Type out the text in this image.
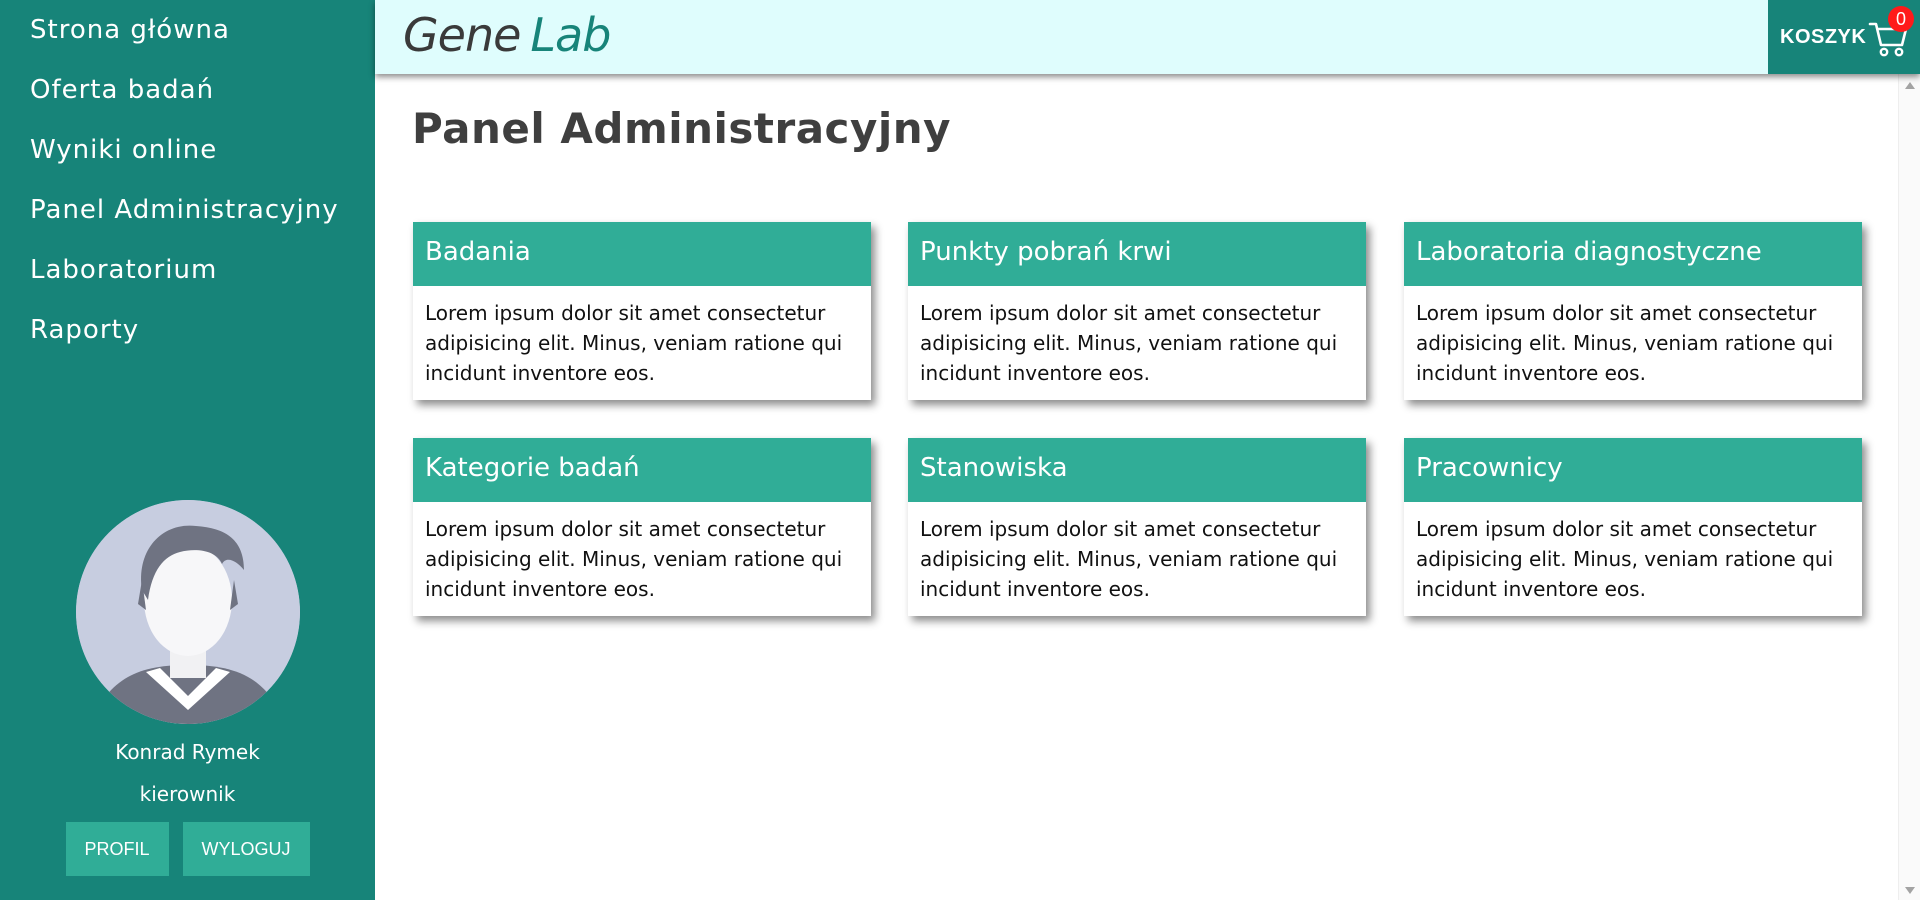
Strona główna
Oferta badań
Wyniki online
Panel Administracyjny
Laboratorium
Raporty
Konrad Rymek
kierownik
PROFIL	WYLOGUJ
Gene Lab	KOSZYK
0
Panel Administracyjny
Badania
Lorem ipsum dolor sit amet consectetur adipisicing elit. Minus, veniam ratione qui incidunt inventore eos.
Punkty pobrań krwi
Lorem ipsum dolor sit amet consectetur adipisicing elit. Minus, veniam ratione qui incidunt inventore eos.
Laboratoria diagnostyczne
Lorem ipsum dolor sit amet consectetur adipisicing elit. Minus, veniam ratione qui incidunt inventore eos.
Kategorie badań
Lorem ipsum dolor sit amet consectetur adipisicing elit. Minus, veniam ratione qui incidunt inventore eos.
Stanowiska
Lorem ipsum dolor sit amet consectetur adipisicing elit. Minus, veniam ratione qui incidunt inventore eos.
Pracownicy
Lorem ipsum dolor sit amet consectetur adipisicing elit. Minus, veniam ratione qui incidunt inventore eos.
